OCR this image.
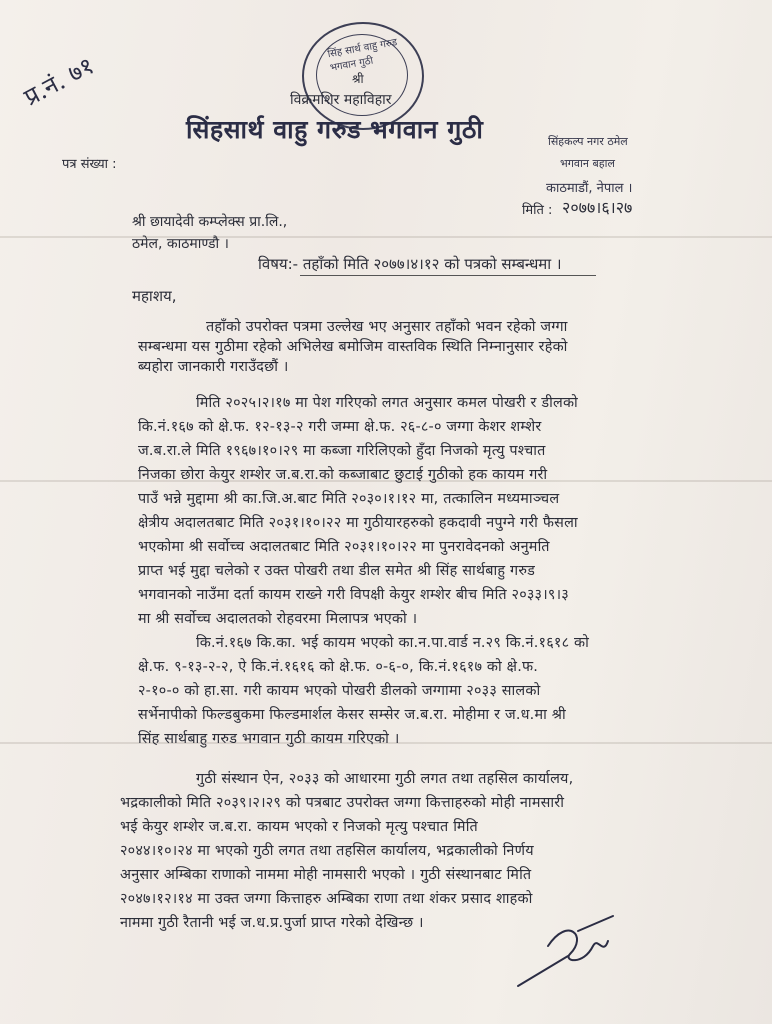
सिंह सार्थ वाहु गरुड भगवान गुठी
श्री
विक्रमशिर महाविहार
सिंहसार्थ वाहु गरुड भगवान गुठी	सिंहकल्प नगर ठमेल
भगवान बहाल
काठमाडौं, नेपाल ।
मिति : २०७७।६।२७
पत्र संख्या :
प्र.नं. ७१
श्री छायादेवी कम्प्लेक्स प्रा.लि.,
ठमेल, काठमाण्डौ ।
विषय:- तहाँको मिति २०७७।४।१२ को पत्रको सम्बन्धमा ।
महाशय,
तहाँको उपरोक्त पत्रमा उल्लेख भए अनुसार तहाँको भवन रहेको जग्गा
सम्बन्धमा यस गुठीमा रहेको अभिलेख बमोजिम वास्तविक स्थिति निम्नानुसार रहेको
ब्यहोरा जानकारी गराउँदछौं ।
मिति २०२५।२।१७ मा पेश गरिएको लगत अनुसार कमल पोखरी र डीलको
कि.नं.१६७ को क्षे.फ. १२-१३-२ गरी जम्मा क्षे.फ. २६-८-० जग्गा केशर शम्शेर
ज.ब.रा.ले मिति १९६७।१०।२९ मा कब्जा गरिलिएको हुँदा निजको मृत्यु पश्चात
निजका छोरा केयुर शम्शेर ज.ब.रा.को कब्जाबाट छुटाई गुठीको हक कायम गरी
पाउँ भन्ने मुद्दामा श्री का.जि.अ.बाट मिति २०३०।१।१२ मा, तत्कालिन मध्यमाञ्चल
क्षेत्रीय अदालतबाट मिति २०३१।१०।२२ मा गुठीयारहरुको हकदावी नपुग्ने गरी फैसला
भएकोमा श्री सर्वोच्च अदालतबाट मिति २०३१।१०।२२ मा पुनरावेदनको अनुमति
प्राप्त भई मुद्दा चलेको र उक्त पोखरी तथा डील समेत श्री सिंह सार्थबाहु गरुड
भगवानको नाउँमा दर्ता कायम राख्ने गरी विपक्षी केयुर शम्शेर बीच मिति २०३३।९।३
मा श्री सर्वोच्च अदालतको रोहवरमा मिलापत्र भएको ।
कि.नं.१६७ कि.का. भई कायम भएको का.न.पा.वार्ड न.२९ कि.नं.१६१८ को
क्षे.फ. ९-१३-२-२, ऐ कि.नं.१६१६ को क्षे.फ. ०-६-०, कि.नं.१६१७ को क्षे.फ.
२-१०-० को हा.सा. गरी कायम भएको पोखरी डीलको जग्गामा २०३३ सालको
सर्भेनापीको फिल्डबुकमा फिल्डमार्शल केसर सम्सेर ज.ब.रा. मोहीमा र ज.ध.मा श्री
सिंह सार्थबाहु गरुड भगवान गुठी कायम गरिएको ।
गुठी संस्थान ऐन, २०३३ को आधारमा गुठी लगत तथा तहसिल कार्यालय,
भद्रकालीको मिति २०३९।२।२९ को पत्रबाट उपरोक्त जग्गा कित्ताहरुको मोही नामसारी
भई केयुर शम्शेर ज.ब.रा. कायम भएको र निजको मृत्यु पश्चात मिति
२०४४।१०।२४ मा भएको गुठी लगत तथा तहसिल कार्यालय, भद्रकालीको निर्णय
अनुसार अम्बिका राणाको नाममा मोही नामसारी भएको । गुठी संस्थानबाट मिति
२०४७।१२।१४ मा उक्त जग्गा कित्ताहरु अम्बिका राणा तथा शंकर प्रसाद शाहको
नाममा गुठी रैतानी भई ज.ध.प्र.पुर्जा प्राप्त गरेको देखिन्छ ।
